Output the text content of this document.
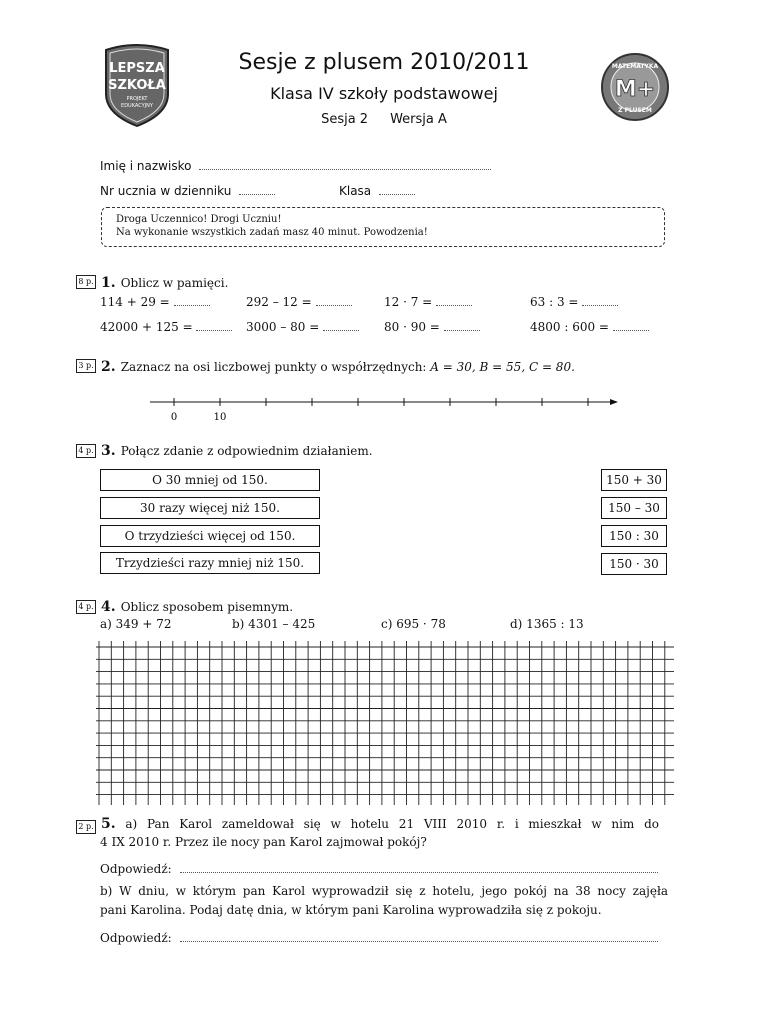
LEPSZA
SZKOŁA
PROJEKT
EDUKACYJNY
Sesje z plusem 2010/2011
Klasa IV szkoły podstawowej
Sesja 2 Wersja A
MATEMATYKA
M+
Z PLUSEM
Imię i nazwisko
Nr ucznia w dzienniku	Klasa
Droga Uczennico! Drogi Uczniu!
Na wykonanie wszystkich zadań masz 40 minut. Powodzenia!
8 p. 1. Oblicz w pamięci.
114 + 29 =	292 – 12 =	12 · 7 =	63 : 3 =
42000 + 125 =	3000 – 80 =	80 · 90 =	4800 : 600 =
3 p. 2. Zaznacz na osi liczbowej punkty o współrzędnych: A = 30, B = 55, C = 80.
0	10
4 p. 3. Połącz zdanie z odpowiednim działaniem.
O 30 mniej od 150.
30 razy więcej niż 150.
O trzydzieści więcej od 150.
Trzydzieści razy mniej niż 150.
150 + 30
150 – 30
150 : 30
150 · 30
4 p. 4. Oblicz sposobem pisemnym.
a) 349 + 72	b) 4301 – 425	c) 695 · 78	d) 1365 : 13
2 p. 5. a) Pan Karol zameldował się w hotelu 21 VIII 2010 r. i mieszkał w nim do
4 IX 2010 r. Przez ile nocy pan Karol zajmował pokój?
Odpowiedź:
b) W dniu, w którym pan Karol wyprowadził się z hotelu, jego pokój na 38 nocy zajęła
pani Karolina. Podaj datę dnia, w którym pani Karolina wyprowadziła się z pokoju.
Odpowiedź:
